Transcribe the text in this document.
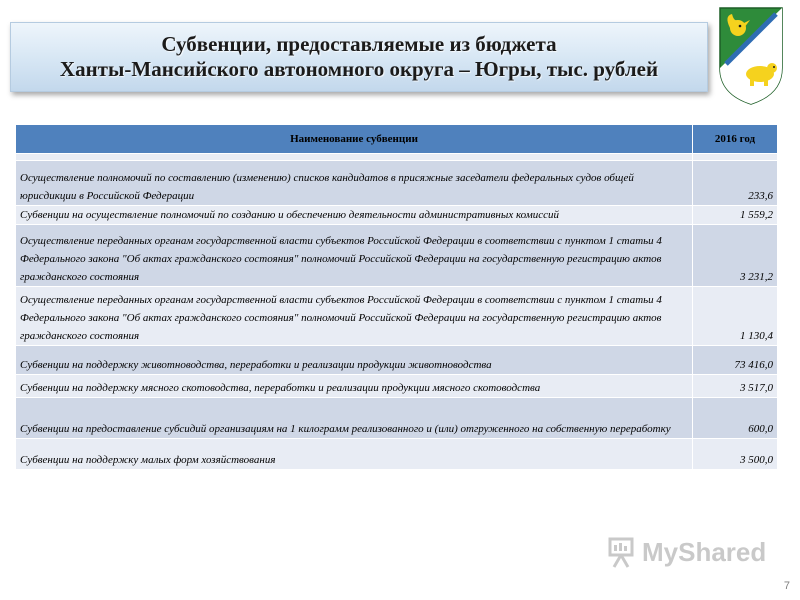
Субвенции, предоставляемые из бюджета
Ханты-Мансийского автономного округа – Югры, тыс. рублей
Наименование субвенции	2016 год

Осуществление полномочий по составлению (изменению) списков кандидатов в присяжные заседатели федеральных судов общей юрисдикции в Российской Федерации	233,6
Субвенции на осуществление полномочий по созданию и обеспечению деятельности административных комиссий	1 559,2
Осуществление переданных органам государственной власти субъектов Российской Федерации в соответствии с пунктом 1 статьи 4 Федерального закона "Об актах гражданского состояния" полномочий Российской Федерации на государственную регистрацию актов гражданского состояния	3 231,2
Осуществление переданных органам государственной власти субъектов Российской Федерации в соответствии с пунктом 1 статьи 4 Федерального закона "Об актах гражданского состояния" полномочий Российской Федерации на государственную регистрацию актов гражданского состояния	1 130,4
Субвенции на поддержку животноводства, переработки и реализации продукции животноводства	73 416,0
Субвенции на поддержку мясного скотоводства, переработки и реализации продукции мясного скотоводства	3 517,0
Субвенции на предоставление субсидий организациям на 1 килограмм реализованного и (или) отгруженного на собственную переработку	600,0
Субвенции на поддержку малых форм хозяйствования	3 500,0
MyShared
7
